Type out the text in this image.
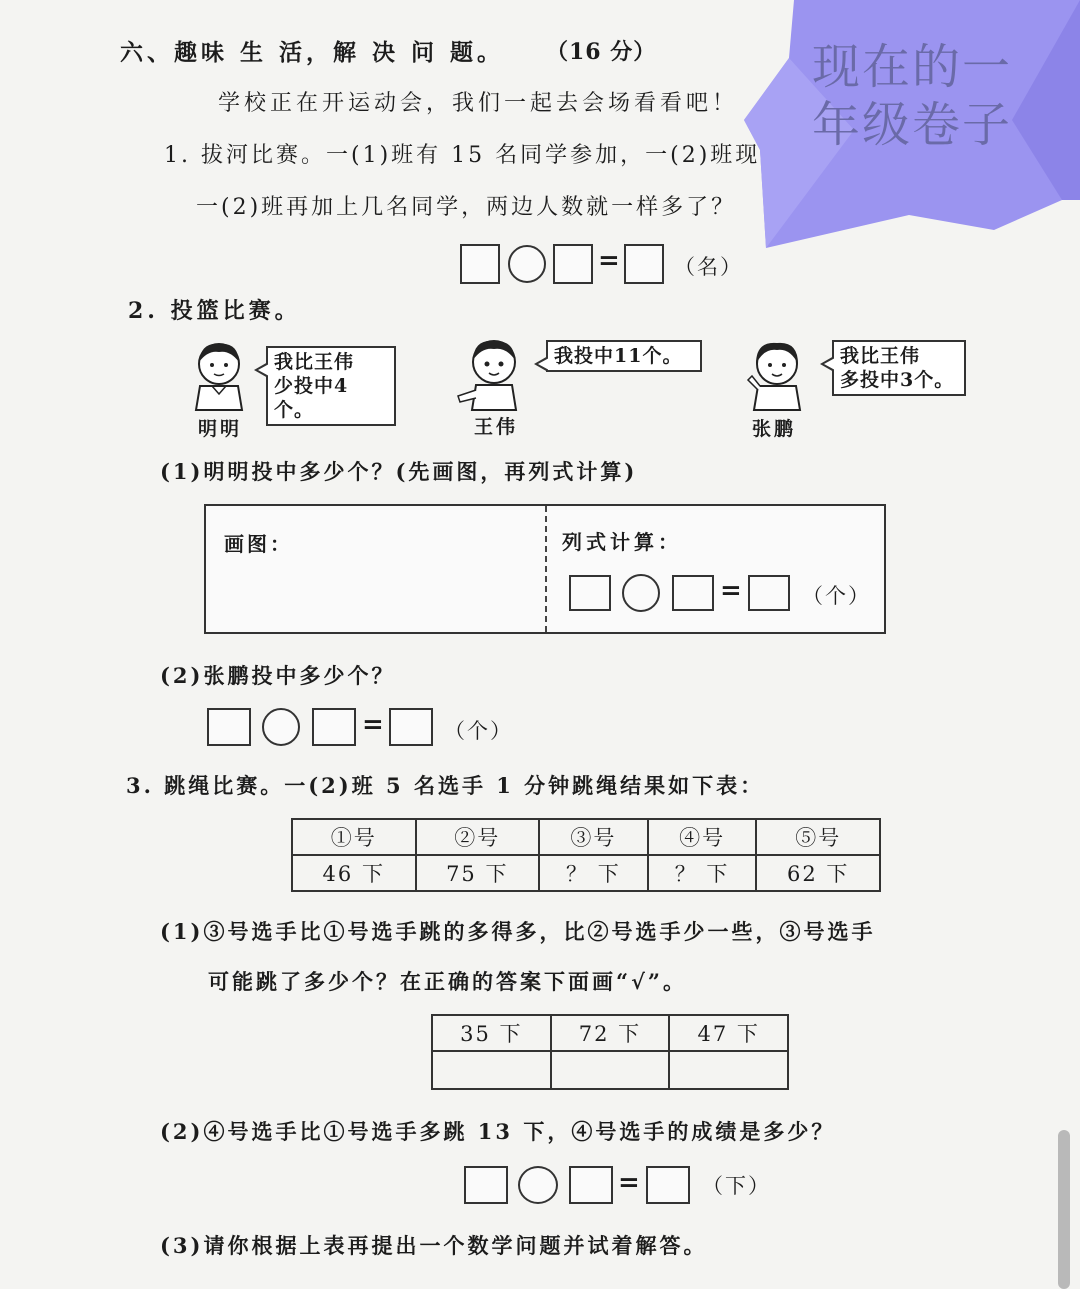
六、趣味 生 活，解 决 问 题。 （16 分）
学校正在开运动会，我们一起去会场看看吧！
1. 拔河比赛。一(1)班有 15 名同学参加，一(2)班现
一(2)班再加上几名同学，两边人数就一样多了？
=	（名）
现在的一
年级卷子
2. 投篮比赛。
我比王伟
少投中4个。
明明
我投中11个。
王伟
我比王伟
多投中3个。
张鹏
(1)明明投中多少个？(先画图，再列式计算)
画图：	列式计算：
=	（个）
(2)张鹏投中多少个？
=	（个）
3. 跳绳比赛。一(2)班 5 名选手 1 分钟跳绳结果如下表：
①号	②号	③号	④号	⑤号
46 下	75 下	？ 下	？ 下	62 下
(1)③号选手比①号选手跳的多得多，比②号选手少一些，③号选手
可能跳了多少个？在正确的答案下面画“√”。
35 下	72 下	47 下

(2)④号选手比①号选手多跳 13 下，④号选手的成绩是多少？
=	（下）
(3)请你根据上表再提出一个数学问题并试着解答。
